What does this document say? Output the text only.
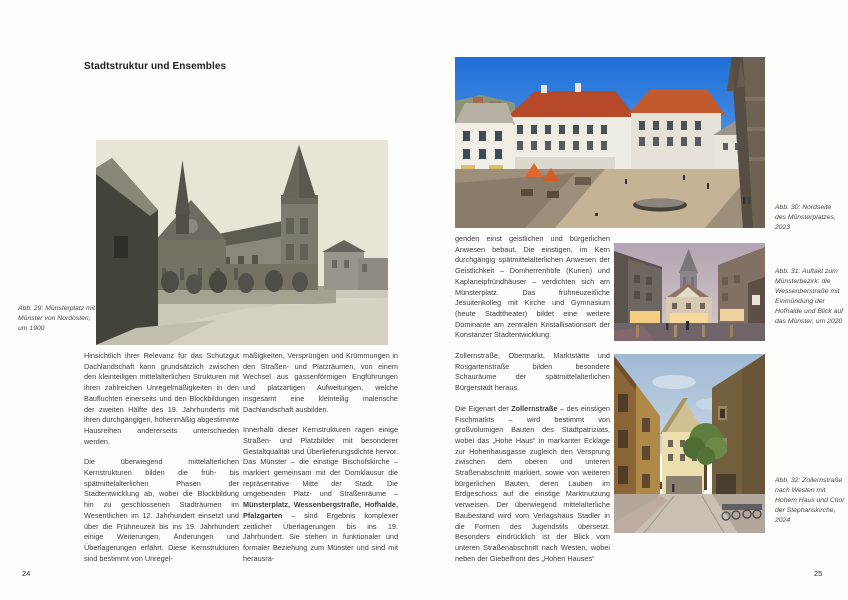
Stadtstruktur und Ensembles
Abb. 29: Münsterplatz mit Münster von Nordosten, um 1900

Hinsichtlich ihrer Relevanz für das Schutzgut Dachlandschaft kann grundsätzlich zwischen den kleinteiligen mittelalterlichen Strukturen mit ihren zahlreichen Unregelmäßigkeiten in den Baufluchten einerseits und den Blockbildungen der zweiten Hälfte des 19. Jahrhunderts mit ihren durchgängigen, höhenmäßig abgestimmte Hausreihen andererseits unterschieden werden.

Die überwiegend mittelalterlichen Kernstrukturen bilden die früh- bis spätmittelalterlichen Phasen der Stadtentwicklung ab, wobei die Blockbildung hin zu geschlossenen Stadträumen im Wesentlichen im 12. Jahrhundert einsetzt und über die Frühneuzeit bis ins 19. Jahrhundert einige Weiterungen, Änderungen und Überlagerungen erfährt. Diese Kernstrukturen sind bestimmt von Unregel-

mäßigkeiten, Versprüngen und Krümmungen in den Straßen- und Platzräumen, von einem Wechsel aus gassenförmigen Engführungen und platzartigen Aufweitungen, welche insgesamt eine kleinteilig malerische Dachlandschaft ausbilden.

Innerhalb dieser Kernstrukturen ragen einige Straßen- und Platzbilder mit besonderer Gestaltqualität und Überlieferungsdichte hervor. Das Münster – die einstige Bischofskirche – markiert gemeinsam mit der Domklausur die repräsentative Mitte der Stadt. Die umgebenden Platz- und Straßenräume – Münsterplatz, Wessenbergstraße, Hofhalde, Pfalzgarten – sind Ergebnis komplexer zeitlicher Überlagerungen bis ins 19. Jahrhundert. Sie stehen in funktionaler und formaler Beziehung zum Münster und sind mit herausra-

24
Abb. 30: Nordseite des Münsterplatzes, 2023
Abb. 31: Auftakt zum Münsterbezirk: die Wessenberstraße mit Einmündung der Hofhalde und Blick auf das Münster, um 2020
Abb. 32: Zollernstraße nach Westen mit Hohem Haus und Chor der Stephanskirche, 2024

genden einst geistlichen und bürgerlichen Anwesen bebaut. Die einstigen, im Kern durchgängig spätmittelalterlichen Anwesen der Geistlichkeit – Domherrenhöfe (Kurien) und Kaplaneipfründhäuser – verdichten sich am Münsterplatz. Das frühneuzeitliche Jesuitenkolleg mit Kirche und Gymnasium (heute Stadttheater) bildet eine weitere Dominante am zentralen Kristallisationsort der Konstanzer Stadtentwicklung.

Zollernstraße, Obermarkt, Marktstätte und Rosgartenstraße bilden besondere Schauräume der spätmittelalterlichen Bürgerstadt heraus.

Die Eigenart der Zollernstraße – des einstigen Fischmarkts – wird bestimmt von großvolumigen Bauten des Stadtpatriziats, wobei das „Hohe Haus“ in markanter Ecklage zur Hohenhausgasse zugleich den Versprung zwischen dem oberen und unteren Straßenabschnitt markiert, sowie von weiteren bürgerlichen Bauten, deren Lauben im Erdgeschoss auf die einstige Marktnutzung verweisen. Der überwiegend mittelalterliche Baubestand wird vom Verlagshaus Stadler in die Formen des Jugendstils übersetzt. Besonders eindrücklich ist der Blick vom unteren Straßenabschnitt nach Westen, wobei neben der Giebelfront des „Hohen Hauses“

25
